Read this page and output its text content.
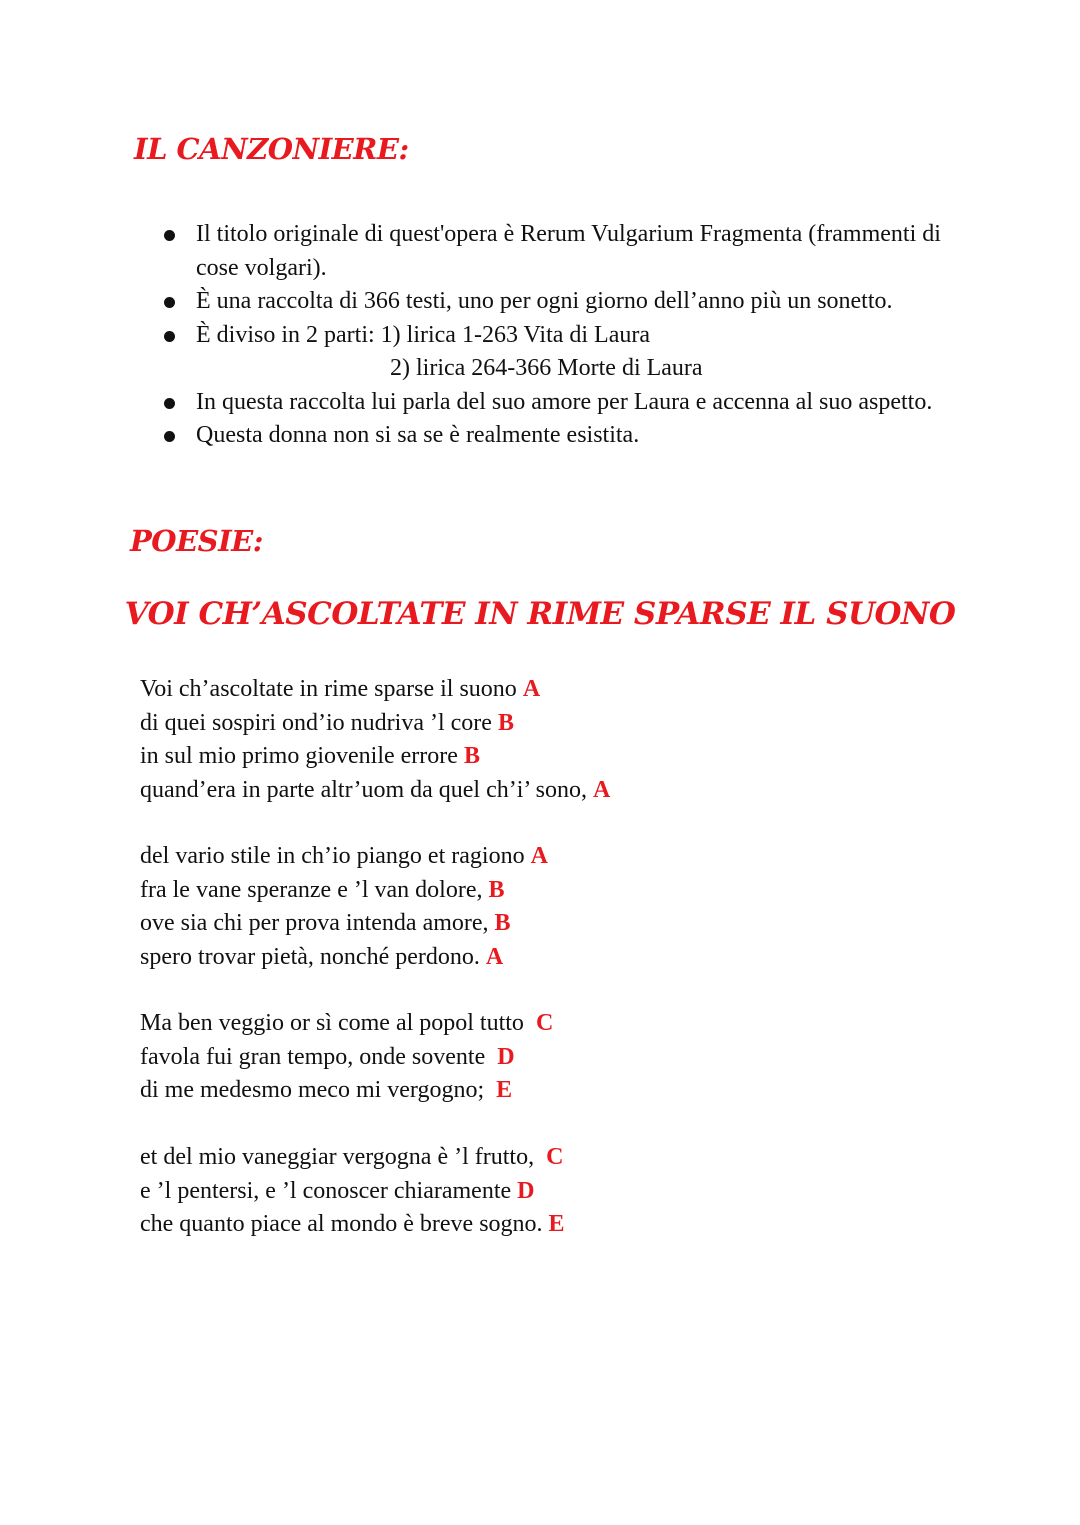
IL CANZONIERE:
Il titolo originale di quest'opera è Rerum Vulgarium Fragmenta (frammenti di cose volgari).
È una raccolta di 366 testi, uno per ogni giorno dell’anno più un sonetto.
È diviso in 2 parti: 1) lirica 1-263 Vita di Laura
2) lirica 264-366 Morte di Laura
In questa raccolta lui parla del suo amore per Laura e accenna al suo aspetto.
Questa donna non si sa se è realmente esistita.
POESIE:
VOI CH’ASCOLTATE IN RIME SPARSE IL SUONO
Voi ch’ascoltate in rime sparse il suono A
di quei sospiri ond’io nudriva ’l core B
in sul mio primo giovenile errore B
quand’era in parte altr’uom da quel ch’i’ sono, A
del vario stile in ch’io piango et ragiono A
fra le vane speranze e ’l van dolore, B
ove sia chi per prova intenda amore, B
spero trovar pietà, nonché perdono. A
Ma ben veggio or sì come al popol tutto C
favola fui gran tempo, onde sovente D
di me medesmo meco mi vergogno; E
et del mio vaneggiar vergogna è ’l frutto, C
e ’l pentersi, e ’l conoscer chiaramente D
che quanto piace al mondo è breve sogno. E
